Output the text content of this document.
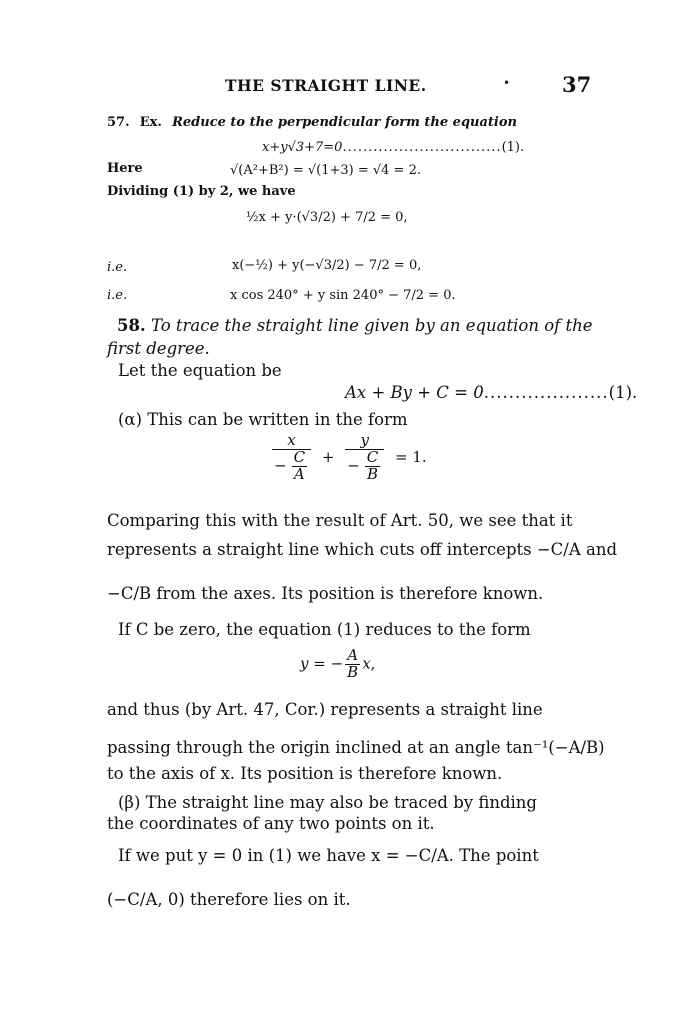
THE STRAIGHT LINE.	• 37
57. Ex. Reduce to the perpendicular form the equation
x+y√3+7=0...............................(1).
Here	√(A²+B²) = √(1+3) = √4 = 2.
Dividing (1) by 2, we have
½x + y·(√3/2) + 7/2 = 0,
i.e.	x(−½) + y(−√3/2) − 7/2 = 0,
i.e.	x cos 240° + y sin 240° − 7/2 = 0.
58. To trace the straight line given by an equation of the first degree.
Let the equation be
Ax + By + C = 0....................(1).
(α) This can be written in the form
$\frac{x}{- \frac{C}{A}} + \frac{y}{- \frac{C}{B}} = 1$.
Comparing this with the result of Art. 50, we see that it
represents a straight line which cuts off intercepts −C/A and
−C/B from the axes. Its position is therefore known.
If C be zero, the equation (1) reduces to the form
y = − $\frac{A}{B} x$,
and thus (by Art. 47, Cor.) represents a straight line
passing through the origin inclined at an angle tan⁻¹(−A/B)
to the axis of x. Its position is therefore known.
(β) The straight line may also be traced by finding
the coordinates of any two points on it.
If we put y = 0 in (1) we have x = −C/A. The point
(−C/A, 0) therefore lies on it.
